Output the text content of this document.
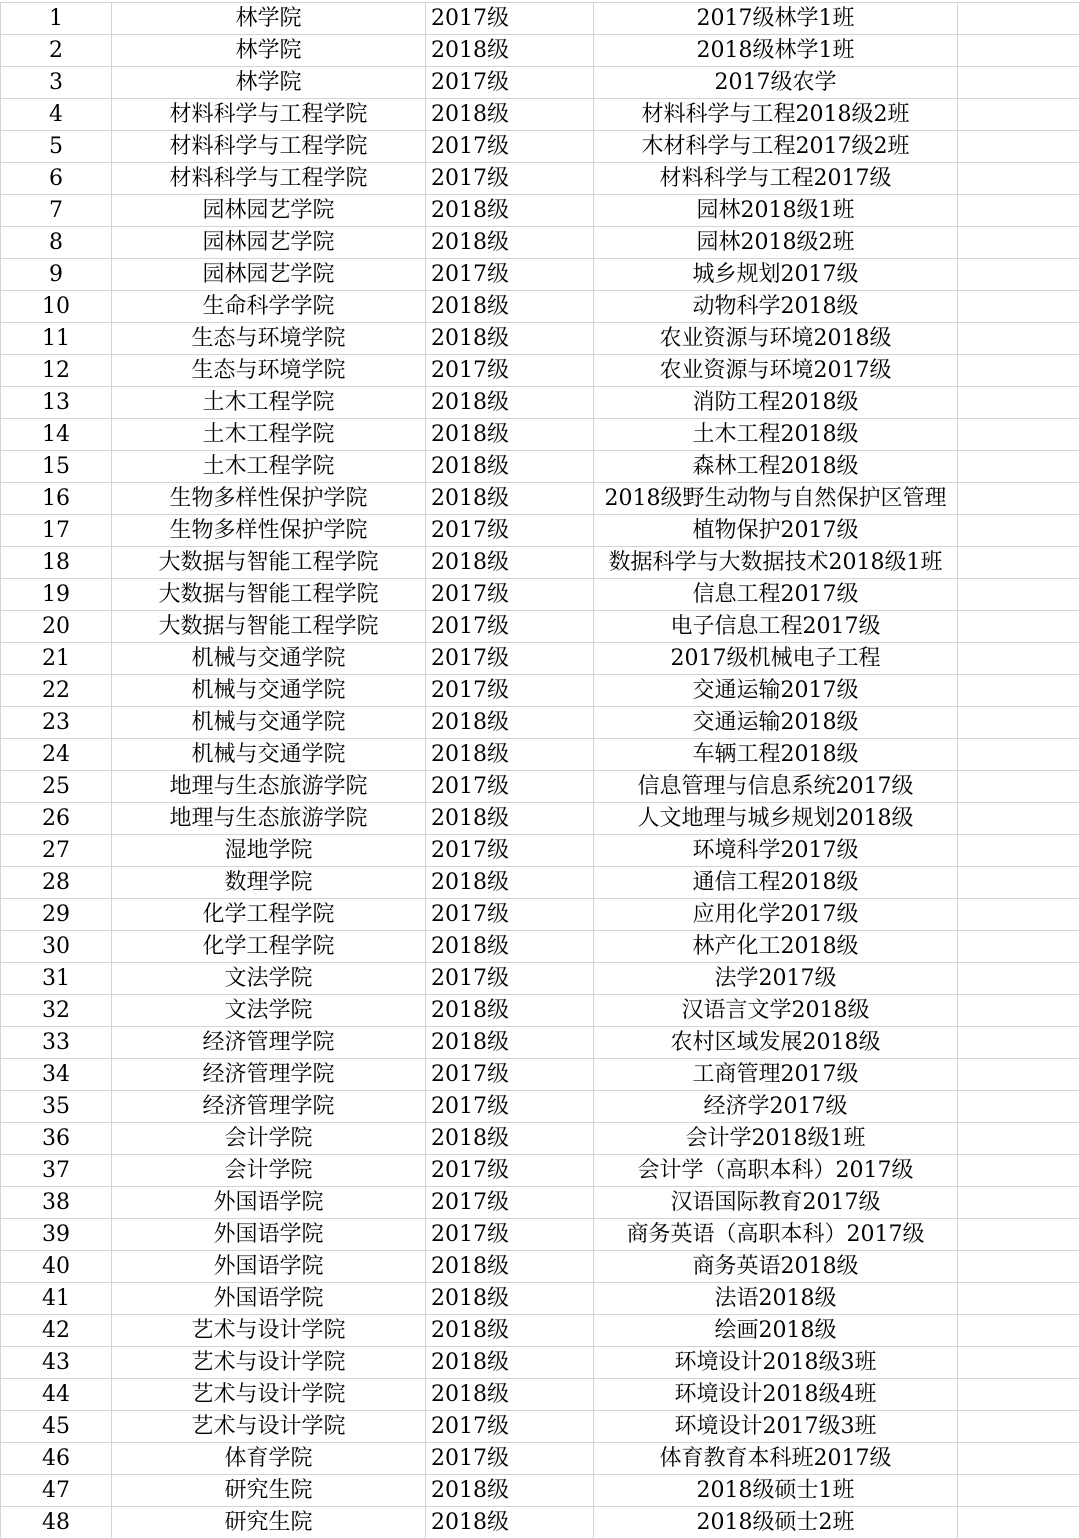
1	林学院	2017级	2017级林学1班	
2	林学院	2018级	2018级林学1班	
3	林学院	2017级	2017级农学	
4	材料科学与工程学院	2018级	材料科学与工程2018级2班	
5	材料科学与工程学院	2017级	木材科学与工程2017级2班	
6	材料科学与工程学院	2017级	材料科学与工程2017级	
7	园林园艺学院	2018级	园林2018级1班	
8	园林园艺学院	2018级	园林2018级2班	
9	园林园艺学院	2017级	城乡规划2017级	
10	生命科学学院	2018级	动物科学2018级	
11	生态与环境学院	2018级	农业资源与环境2018级	
12	生态与环境学院	2017级	农业资源与环境2017级	
13	土木工程学院	2018级	消防工程2018级	
14	土木工程学院	2018级	土木工程2018级	
15	土木工程学院	2018级	森林工程2018级	
16	生物多样性保护学院	2018级	2018级野生动物与自然保护区管理	
17	生物多样性保护学院	2017级	植物保护2017级	
18	大数据与智能工程学院	2018级	数据科学与大数据技术2018级1班	
19	大数据与智能工程学院	2017级	信息工程2017级	
20	大数据与智能工程学院	2017级	电子信息工程2017级	
21	机械与交通学院	2017级	2017级机械电子工程	
22	机械与交通学院	2017级	交通运输2017级	
23	机械与交通学院	2018级	交通运输2018级	
24	机械与交通学院	2018级	车辆工程2018级	
25	地理与生态旅游学院	2017级	信息管理与信息系统2017级	
26	地理与生态旅游学院	2018级	人文地理与城乡规划2018级	
27	湿地学院	2017级	环境科学2017级	
28	数理学院	2018级	通信工程2018级	
29	化学工程学院	2017级	应用化学2017级	
30	化学工程学院	2018级	林产化工2018级	
31	文法学院	2017级	法学2017级	
32	文法学院	2018级	汉语言文学2018级	
33	经济管理学院	2018级	农村区域发展2018级	
34	经济管理学院	2017级	工商管理2017级	
35	经济管理学院	2017级	经济学2017级	
36	会计学院	2018级	会计学2018级1班	
37	会计学院	2017级	会计学（高职本科）2017级	
38	外国语学院	2017级	汉语国际教育2017级	
39	外国语学院	2017级	商务英语（高职本科）2017级	
40	外国语学院	2018级	商务英语2018级	
41	外国语学院	2018级	法语2018级	
42	艺术与设计学院	2018级	绘画2018级	
43	艺术与设计学院	2018级	环境设计2018级3班	
44	艺术与设计学院	2018级	环境设计2018级4班	
45	艺术与设计学院	2017级	环境设计2017级3班	
46	体育学院	2017级	体育教育本科班2017级	
47	研究生院	2018级	2018级硕士1班	
48	研究生院	2018级	2018级硕士2班	
